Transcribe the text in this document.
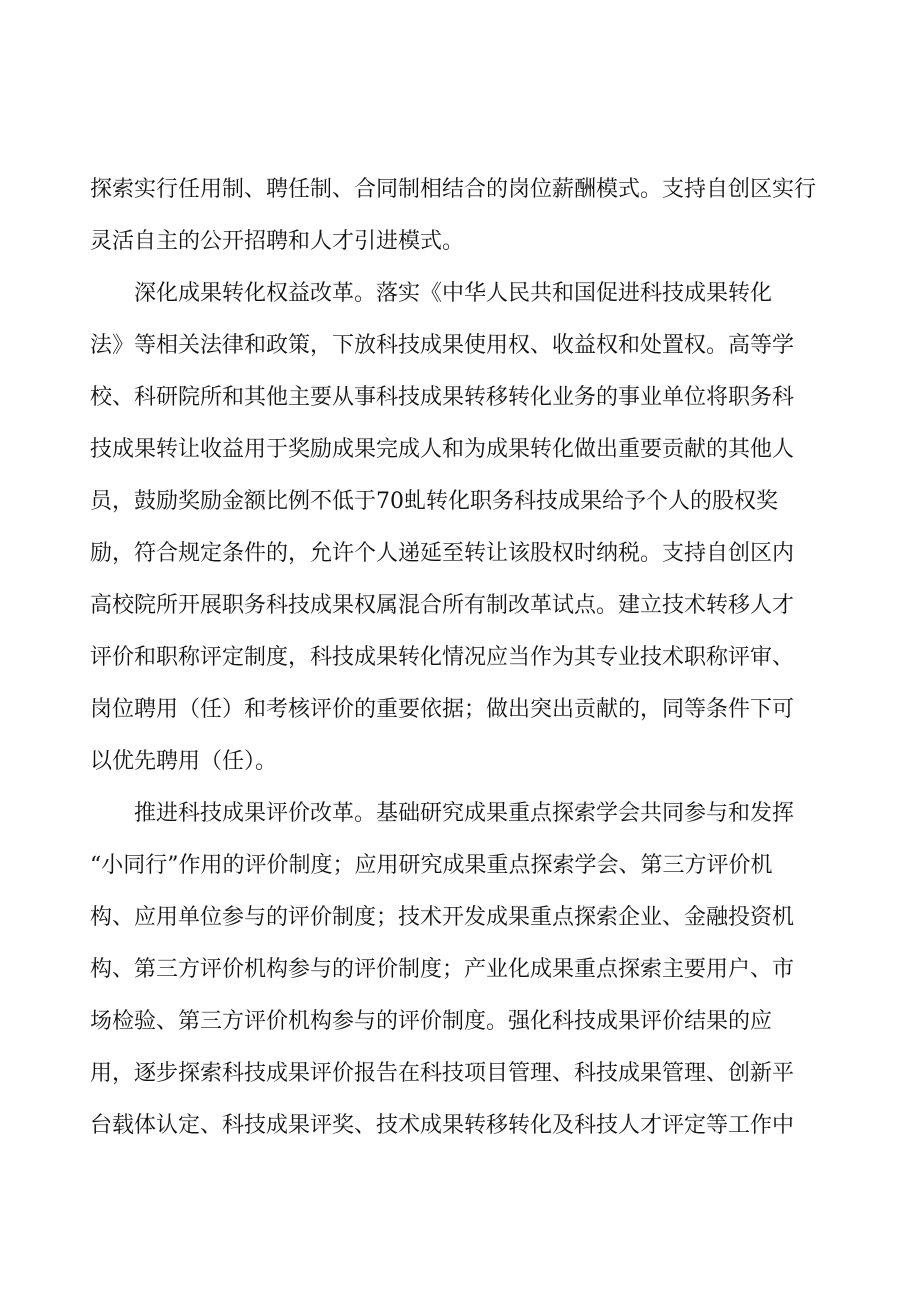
探索实行任用制、聘任制、合同制相结合的岗位薪酬模式。支持自创区实行
灵活自主的公开招聘和人才引进模式。
深化成果转化权益改革。落实《中华人民共和国促进科技成果转化
法》等相关法律和政策，下放科技成果使用权、收益权和处置权。高等学
校、科研院所和其他主要从事科技成果转移转化业务的事业单位将职务科
技成果转让收益用于奖励成果完成人和为成果转化做出重要贡献的其他人
员，鼓励奖励金额比例不低于70虬转化职务科技成果给予个人的股权奖
励，符合规定条件的，允许个人递延至转让该股权时纳税。支持自创区内
高校院所开展职务科技成果权属混合所有制改革试点。建立技术转移人才
评价和职称评定制度，科技成果转化情况应当作为其专业技术职称评审、
岗位聘用（任）和考核评价的重要依据；做出突出贡献的，同等条件下可
以优先聘用（任）。
推进科技成果评价改革。基础研究成果重点探索学会共同参与和发挥
“小同行”作用的评价制度；应用研究成果重点探索学会、第三方评价机
构、应用单位参与的评价制度；技术开发成果重点探索企业、金融投资机
构、第三方评价机构参与的评价制度；产业化成果重点探索主要用户、市
场检验、第三方评价机构参与的评价制度。强化科技成果评价结果的应
用，逐步探索科技成果评价报告在科技项目管理、科技成果管理、创新平
台载体认定、科技成果评奖、技术成果转移转化及科技人才评定等工作中
